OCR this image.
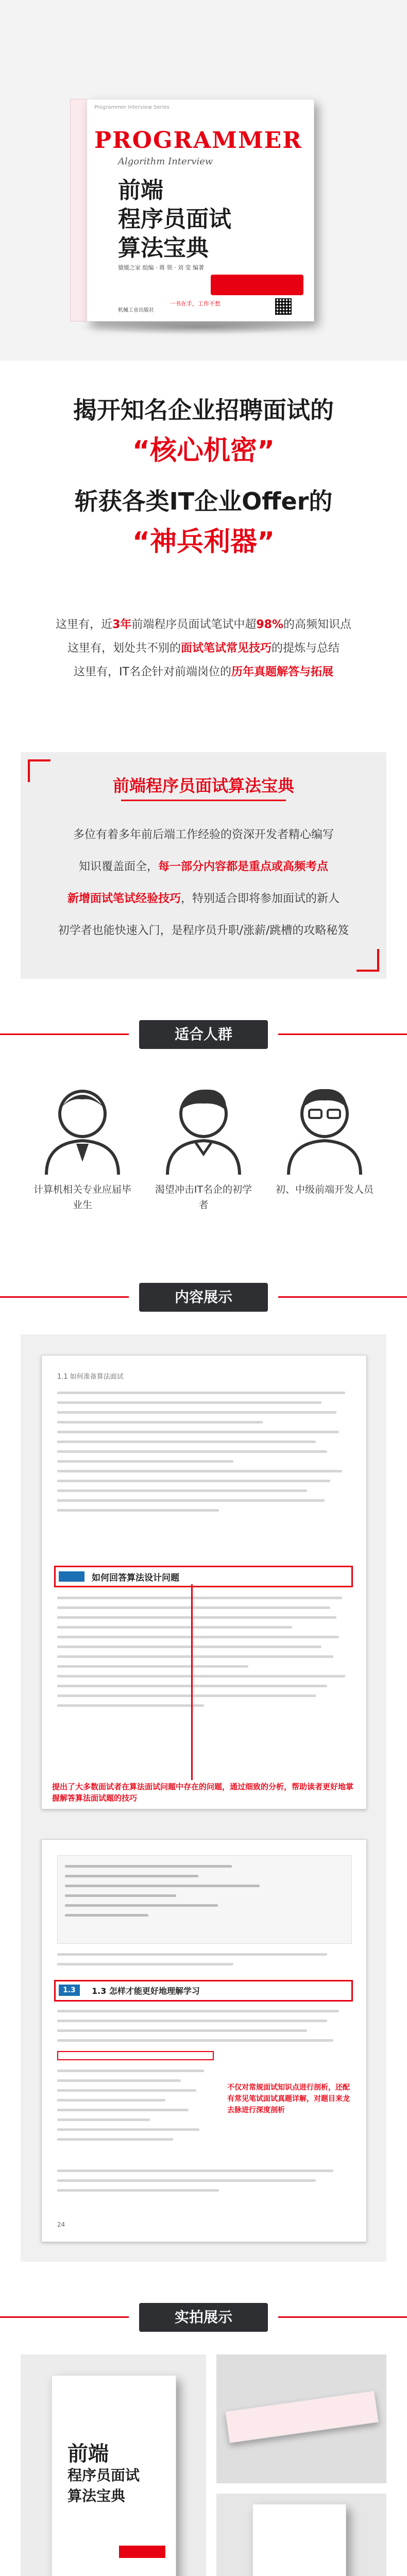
Programmer Interview Series
PROGRAMMER
Algorithm Interview
前端
程序员面试
算法宝典
猿媛之家 组编 · 蒋 领 · 刘 莹 编著
一书在手，工作不愁
机械工业出版社
揭开知名企业招聘面试的
“核心机密”
斩获各类IT企业Offer的
“神兵利器”
这里有，近3年前端程序员面试笔试中超98%的高频知识点
这里有，划处共不别的面试笔试常见技巧的提炼与总结
这里有，IT名企针对前端岗位的历年真题解答与拓展
前端程序员面试算法宝典
多位有着多年前后端工作经验的资深开发者精心编写
知识覆盖面全，每一部分内容都是重点或高频考点
新增面试笔试经验技巧，特别适合即将参加面试的新人
初学者也能快速入门，是程序员升职/涨薪/跳槽的攻略秘笈
适合人群
计算机相关专业应届毕业生
渴望冲击IT名企的初学者
初、中级前端开发人员
内容展示
1.1 如何准备算法面试
如何回答算法设计问题
提出了大多数面试者在算法面试问题中存在的问题，通过细致的分析，帮助读者更好地掌握解答算法面试题的技巧
1.3	1.3 怎样才能更好地理解学习
不仅对常规面试知识点进行剖析，还配有常见笔试面试真题详解，对题目来龙去脉进行深度剖析
24
实拍展示
前端
程序员面试
算法宝典
